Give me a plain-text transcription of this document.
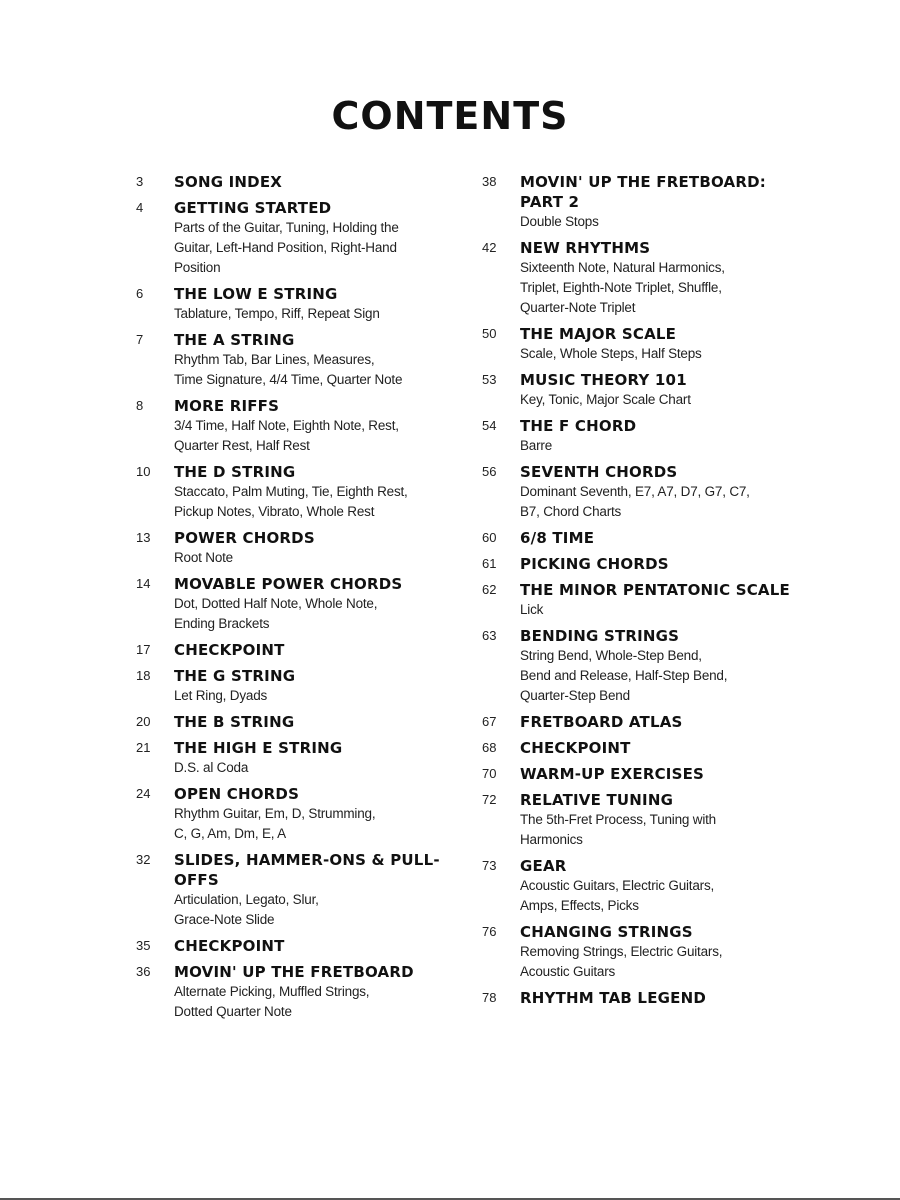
CONTENTS
3	SONG INDEX
4	GETTING STARTED
Parts of the Guitar, Tuning, Holding the
Guitar, Left-Hand Position, Right-Hand
Position
6	THE LOW E STRING
Tablature, Tempo, Riff, Repeat Sign
7	THE A STRING
Rhythm Tab, Bar Lines, Measures,
Time Signature, 4/4 Time, Quarter Note
8	MORE RIFFS
3/4 Time, Half Note, Eighth Note, Rest,
Quarter Rest, Half Rest
10	THE D STRING
Staccato, Palm Muting, Tie, Eighth Rest,
Pickup Notes, Vibrato, Whole Rest
13	POWER CHORDS
Root Note
14	MOVABLE POWER CHORDS
Dot, Dotted Half Note, Whole Note,
Ending Brackets
17	CHECKPOINT
18	THE G STRING
Let Ring, Dyads
20	THE B STRING
21	THE HIGH E STRING
D.S. al Coda
24	OPEN CHORDS
Rhythm Guitar, Em, D, Strumming,
C, G, Am, Dm, E, A
32	SLIDES, HAMMER-ONS & PULL-OFFS
Articulation, Legato, Slur,
Grace-Note Slide
35	CHECKPOINT
36	MOVIN' UP THE FRETBOARD
Alternate Picking, Muffled Strings,
Dotted Quarter Note
38	MOVIN' UP THE FRETBOARD: PART 2
Double Stops
42	NEW RHYTHMS
Sixteenth Note, Natural Harmonics,
Triplet, Eighth-Note Triplet, Shuffle,
Quarter-Note Triplet
50	THE MAJOR SCALE
Scale, Whole Steps, Half Steps
53	MUSIC THEORY 101
Key, Tonic, Major Scale Chart
54	THE F CHORD
Barre
56	SEVENTH CHORDS
Dominant Seventh, E7, A7, D7, G7, C7,
B7, Chord Charts
60	6/8 TIME
61	PICKING CHORDS
62	THE MINOR PENTATONIC SCALE
Lick
63	BENDING STRINGS
String Bend, Whole-Step Bend,
Bend and Release, Half-Step Bend,
Quarter-Step Bend
67	FRETBOARD ATLAS
68	CHECKPOINT
70	WARM-UP EXERCISES
72	RELATIVE TUNING
The 5th-Fret Process, Tuning with
Harmonics
73	GEAR
Acoustic Guitars, Electric Guitars,
Amps, Effects, Picks
76	CHANGING STRINGS
Removing Strings, Electric Guitars,
Acoustic Guitars
78	RHYTHM TAB LEGEND
